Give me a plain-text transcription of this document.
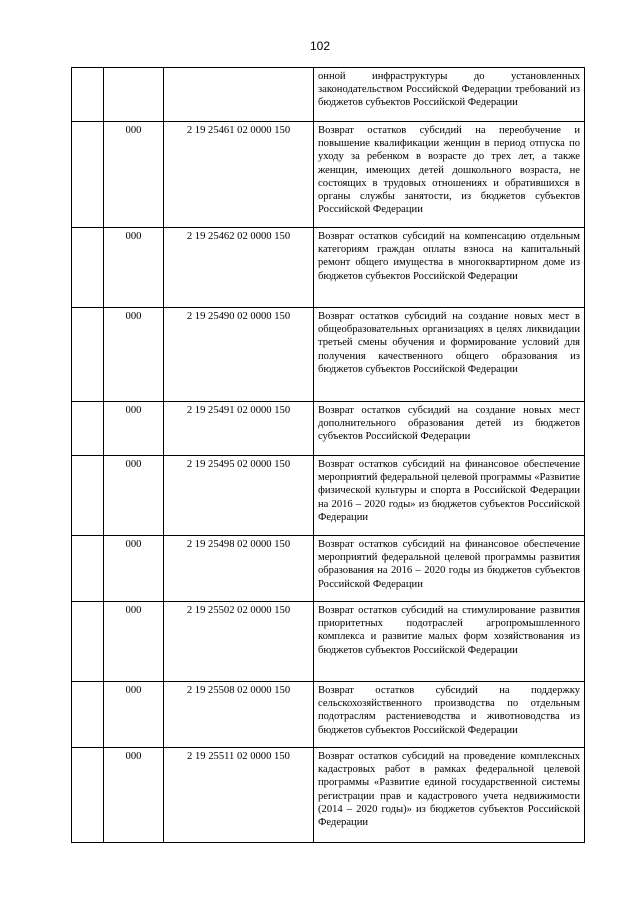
102
			онной инфраструктуры до установленных законодательством Российской Федерации требований из бюджетов субъектов Российской Федерации
	000	2 19 25461 02 0000 150	Возврат остатков субсидий на переобучение и повышение квалификации женщин в период отпуска по уходу за ребенком в возрасте до трех лет, а также женщин, имеющих детей дошкольного возраста, не состоящих в трудовых отношениях и обратившихся в органы службы занятости, из бюджетов субъектов Российской Федерации
	000	2 19 25462 02 0000 150	Возврат остатков субсидий на компенсацию отдельным категориям граждан оплаты взноса на капитальный ремонт общего имущества в многоквартирном доме из бюджетов субъектов Российской Федерации
	000	2 19 25490 02 0000 150	Возврат остатков субсидий на создание новых мест в общеобразовательных организациях в целях ликвидации третьей смены обучения и формирование условий для получения качественного общего образования из бюджетов субъектов Российской Федерации
	000	2 19 25491 02 0000 150	Возврат остатков субсидий на создание новых мест дополнительного образования детей из бюджетов субъектов Российской Федерации
	000	2 19 25495 02 0000 150	Возврат остатков субсидий на финансовое обеспечение мероприятий федеральной целевой программы «Развитие физической культуры и спорта в Российской Федерации на 2016 – 2020 годы» из бюджетов субъектов Российской Федерации
	000	2 19 25498 02 0000 150	Возврат остатков субсидий на финансовое обеспечение мероприятий федеральной целевой программы развития образования на 2016 – 2020 годы из бюджетов субъектов Российской Федерации
	000	2 19 25502 02 0000 150	Возврат остатков субсидий на стимулирование развития приоритетных подотраслей агропромышленного комплекса и развитие малых форм хозяйствования из бюджетов субъектов Российской Федерации
	000	2 19 25508 02 0000 150	Возврат остатков субсидий на поддержку сельскохозяйственного производства по отдельным подотраслям растениеводства и животноводства из бюджетов субъектов Российской Федерации
	000	2 19 25511 02 0000 150	Возврат остатков субсидий на проведение комплексных кадастровых работ в рамках федеральной целевой программы «Развитие единой государственной системы регистрации прав и кадастрового учета недвижимости (2014 – 2020 годы)» из бюджетов субъектов Российской Федерации
